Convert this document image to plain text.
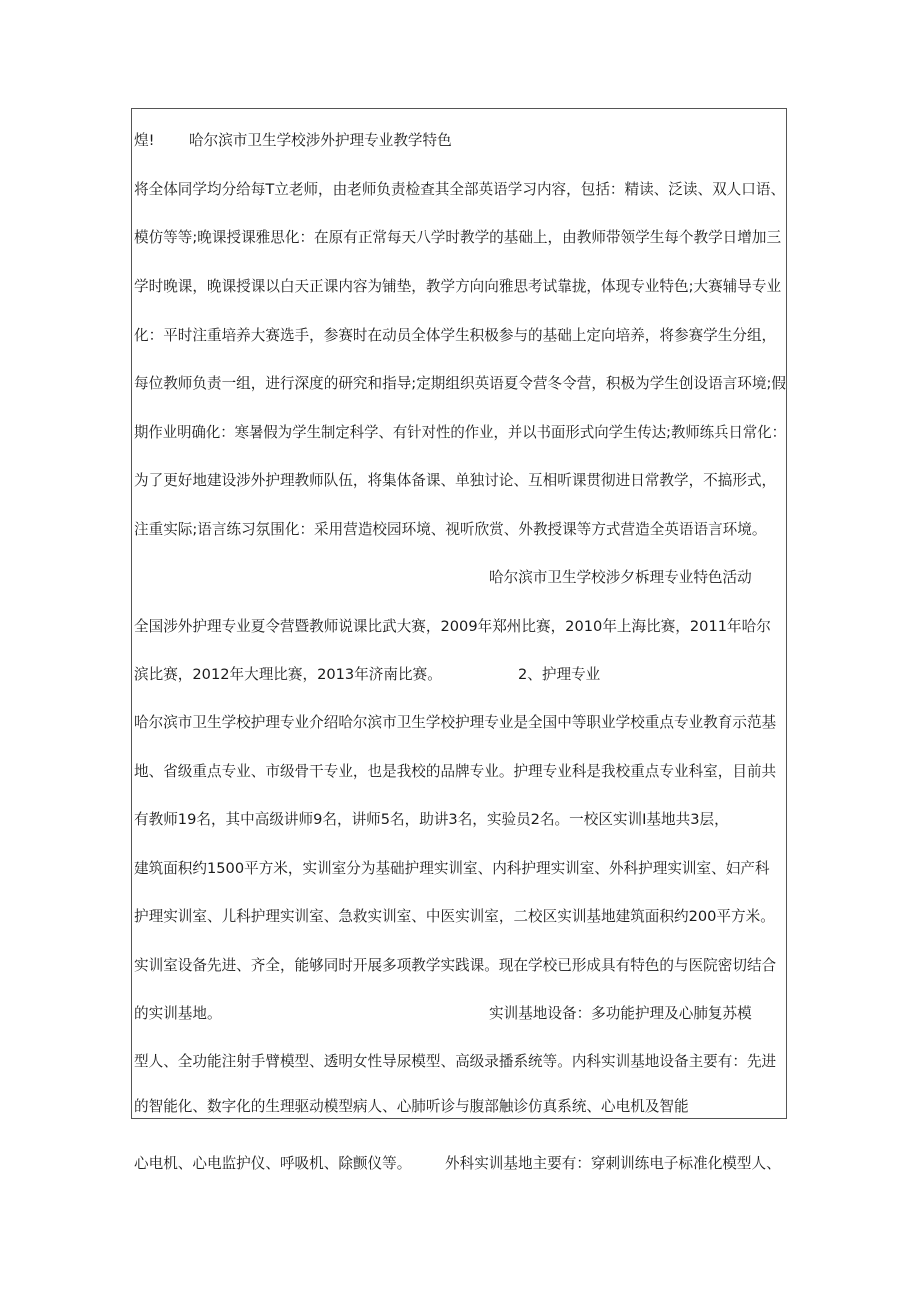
煌! 哈尔滨市卫生学校涉外护理专业教学特色
将全体同学均分给每T立老师，由老师负责检查其全部英语学习内容，包括：精读、泛读、双人口语、
模仿等等;晚课授课雅思化：在原有正常每天八学时教学的基础上，由教师带领学生每个教学日增加三
学时晚课，晚课授课以白天正课内容为铺垫，教学方向向雅思考试靠拢，体现专业特色;大赛辅导专业
化：平时注重培养大赛选手，参赛时在动员全体学生积极参与的基础上定向培养，将参赛学生分组，
每位教师负责一组，进行深度的研究和指导;定期组织英语夏令营冬令营，积极为学生创设语言环境;假
期作业明确化：寒暑假为学生制定科学、有针对性的作业，并以书面形式向学生传达;教师练兵日常化：
为了更好地建设涉外护理教师队伍，将集体备课、单独讨论、互相听课贯彻进日常教学，不搞形式，
注重实际;语言练习氛围化：采用营造校园环境、视听欣赏、外教授课等方式营造全英语语言环境。
哈尔滨市卫生学校涉夕柝理专业特色活动
全国涉外护理专业夏令营暨教师说课比武大赛，2009年郑州比赛，2010年上海比赛，2011年哈尔
滨比赛，2012年大理比赛，2013年济南比赛。	2、护理专业
哈尔滨市卫生学校护理专业介绍哈尔滨市卫生学校护理专业是全国中等职业学校重点专业教育示范基
地、省级重点专业、市级骨干专业，也是我校的品牌专业。护理专业科是我校重点专业科室，目前共
有教师19名，其中高级讲师9名，讲师5名，助讲3名，实验员2名。一校区实训I基地共3层，
建筑面积约1500平方米，实训室分为基础护理实训室、内科护理实训室、外科护理实训室、妇产科
护理实训室、儿科护理实训室、急救实训室、中医实训室，二校区实训基地建筑面积约200平方米。
实训室设备先进、齐全，能够同时开展多项教学实践课。现在学校已形成具有特色的与医院密切结合
的实训基地。	实训基地设备：多功能护理及心肺复苏模
型人、全功能注射手臂模型、透明女性导尿模型、高级录播系统等。内科实训基地设备主要有：先进
的智能化、数字化的生理驱动模型病人、心肺听诊与腹部触诊仿真系统、心电机及智能
心电机、心电监护仪、呼吸机、除颤仪等。 外科实训基地主要有：穿刺训练电子标准化模型人、
